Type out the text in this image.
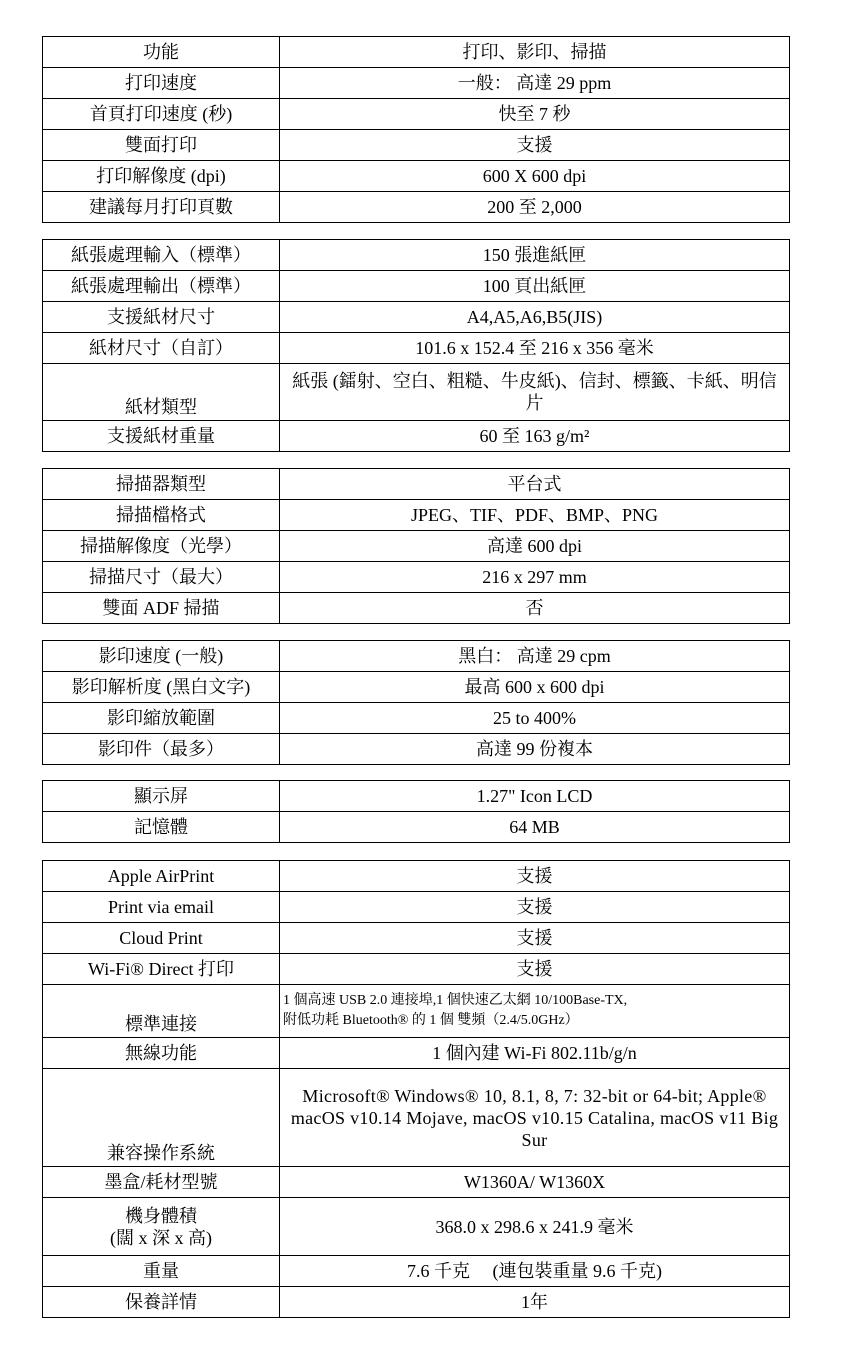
功能	打印、影印、掃描
打印速度	一般： 高達 29 ppm
首頁打印速度 (秒)	快至 7 秒
雙面打印	支援
打印解像度 (dpi)	600 X 600 dpi
建議每月打印頁數	200 至 2,000
紙張處理輸入（標準）	150 張進紙匣
紙張處理輸出（標準）	100 頁出紙匣
支援紙材尺寸	A4,A5,A6,B5(JIS)
紙材尺寸（自訂）	101.6 x 152.4 至 216 x 356 毫米
紙材類型	紙張 (鐳射、空白、粗糙、牛皮紙)、信封、標籤、卡紙、明信片
支援紙材重量	60 至 163 g/m²
掃描器類型	平台式
掃描檔格式	JPEG、TIF、PDF、BMP、PNG
掃描解像度（光學）	高達 600 dpi
掃描尺寸（最大）	216 x 297 mm
雙面 ADF 掃描	否
影印速度 (一般)	黑白： 高達 29 cpm
影印解析度 (黑白文字)	最高 600 x 600 dpi
影印縮放範圍	25 to 400%
影印件（最多）	高達 99 份複本
顯示屏	1.27" Icon LCD
記憶體	64 MB
Apple AirPrint	支援
Print via email	支援
Cloud Print	支援
Wi-Fi® Direct 打印	支援
標準連接	1 個高速 USB 2.0 連接埠,1 個快速乙太網 10/100Base-TX,
附低功耗 Bluetooth® 的 1 個 雙頻（2.4/5.0GHz）

無線功能	1 個內建 Wi-Fi 802.11b/g/n
兼容操作系統	Microsoft® Windows® 10, 8.1, 8, 7: 32-bit or 64-bit; Apple® macOS v10.14 Mojave, macOS v10.15 Catalina, macOS v11 Big Sur
墨盒/耗材型號	W1360A/ W1360X

機身體積
(闊 x 深 x 高)	368.0 x 298.6 x 241.9 毫米
重量	7.6 千克　 (連包裝重量 9.6 千克)
保養詳情	1年
